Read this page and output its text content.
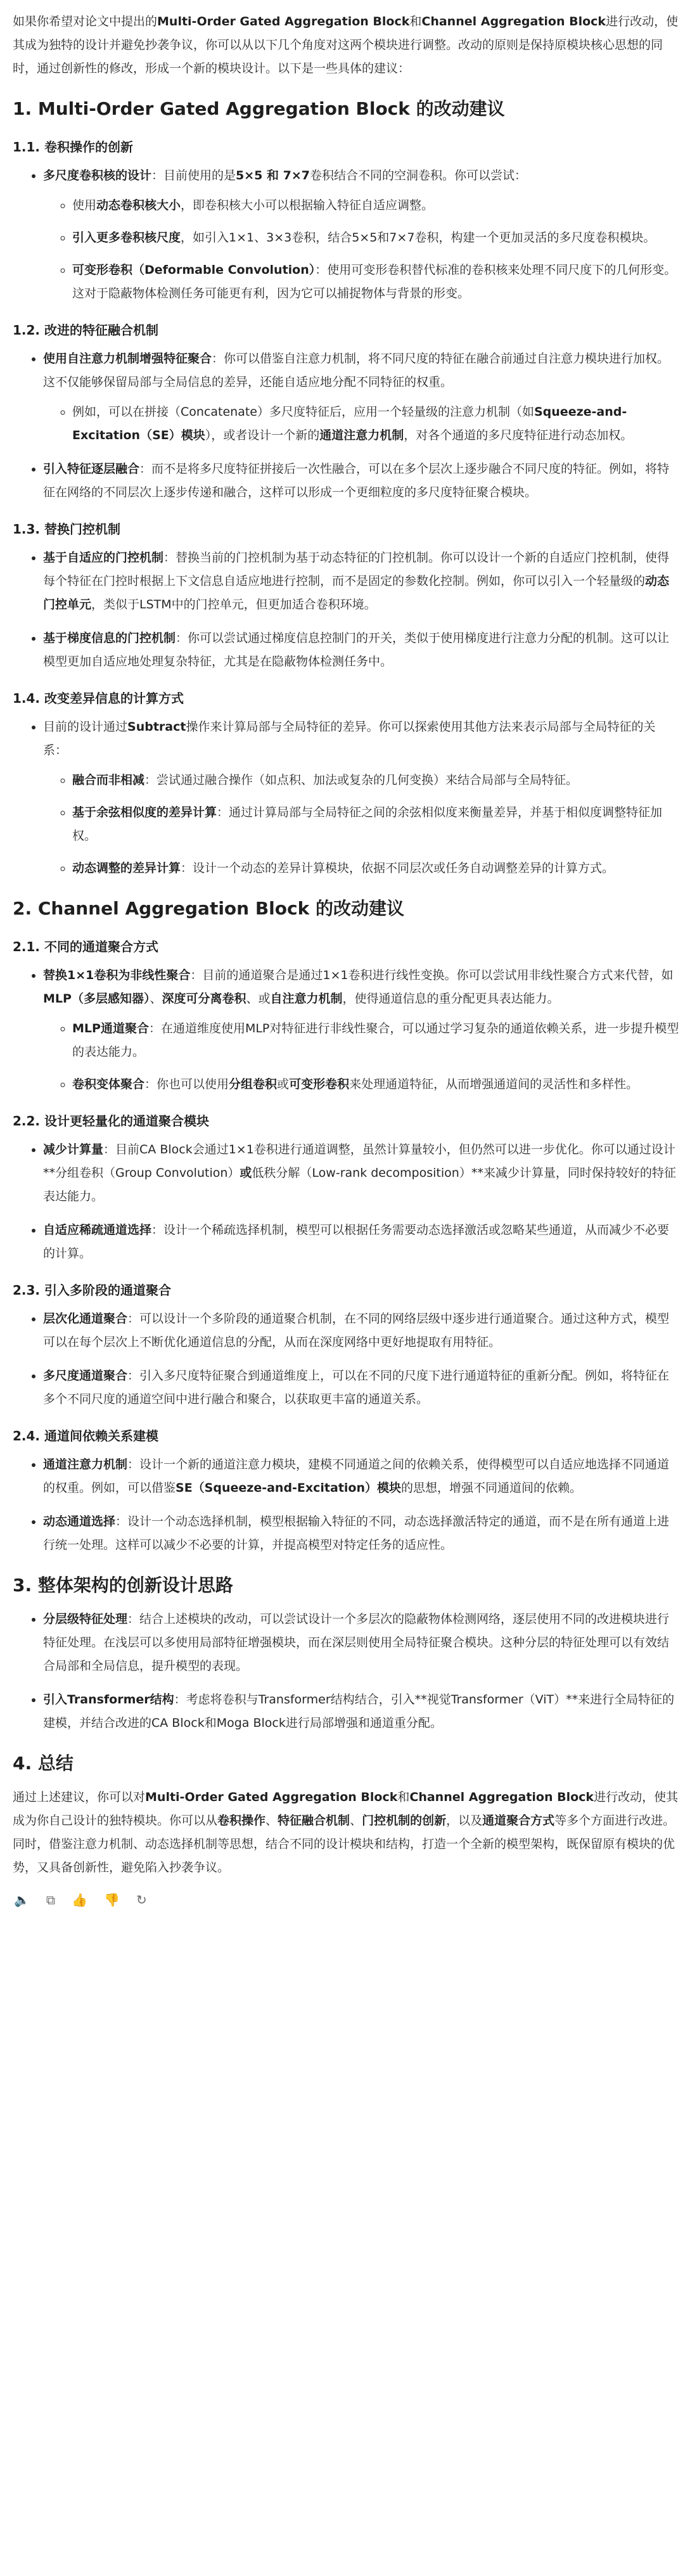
如果你希望对论文中提出的Multi-Order Gated Aggregation Block和Channel Aggregation Block进行改动，使其成为独特的设计并避免抄袭争议，你可以从以下几个角度对这两个模块进行调整。改动的原则是保持原模块核心思想的同时，通过创新性的修改，形成一个新的模块设计。以下是一些具体的建议：

1. Multi-Order Gated Aggregation Block 的改动建议
1.1. 卷积操作的创新
• 多尺度卷积核的设计：目前使用的是5×5 和 7×7卷积结合不同的空洞卷积。你可以尝试：
◦ 使用动态卷积核大小，即卷积核大小可以根据输入特征自适应调整。
◦ 引入更多卷积核尺度，如引入1×1、3×3卷积，结合5×5和7×7卷积，构建一个更加灵活的多尺度卷积模块。
◦ 可变形卷积（Deformable Convolution）：使用可变形卷积替代标准的卷积核来处理不同尺度下的几何形变。这对于隐蔽物体检测任务可能更有利，因为它可以捕捉物体与背景的形变。
1.2. 改进的特征融合机制
• 使用自注意力机制增强特征聚合：你可以借鉴自注意力机制，将不同尺度的特征在融合前通过自注意力模块进行加权。这不仅能够保留局部与全局信息的差异，还能自适应地分配不同特征的权重。
◦ 例如，可以在拼接（Concatenate）多尺度特征后，应用一个轻量级的注意力机制（如Squeeze-and-Excitation（SE）模块），或者设计一个新的通道注意力机制，对各个通道的多尺度特征进行动态加权。
• 引入特征逐层融合：而不是将多尺度特征拼接后一次性融合，可以在多个层次上逐步融合不同尺度的特征。例如，将特征在网络的不同层次上逐步传递和融合，这样可以形成一个更细粒度的多尺度特征聚合模块。
1.3. 替换门控机制
• 基于自适应的门控机制：替换当前的门控机制为基于动态特征的门控机制。你可以设计一个新的自适应门控机制，使得每个特征在门控时根据上下文信息自适应地进行控制，而不是固定的参数化控制。例如，你可以引入一个轻量级的动态门控单元，类似于LSTM中的门控单元，但更加适合卷积环境。
• 基于梯度信息的门控机制：你可以尝试通过梯度信息控制门的开关，类似于使用梯度进行注意力分配的机制。这可以让模型更加自适应地处理复杂特征，尤其是在隐蔽物体检测任务中。
1.4. 改变差异信息的计算方式
• 目前的设计通过Subtract操作来计算局部与全局特征的差异。你可以探索使用其他方法来表示局部与全局特征的关系：
◦ 融合而非相减：尝试通过融合操作（如点积、加法或复杂的几何变换）来结合局部与全局特征。
◦ 基于余弦相似度的差异计算：通过计算局部与全局特征之间的余弦相似度来衡量差异，并基于相似度调整特征加权。
◦ 动态调整的差异计算：设计一个动态的差异计算模块，依据不同层次或任务自动调整差异的计算方式。
2. Channel Aggregation Block 的改动建议
2.1. 不同的通道聚合方式
• 替换1×1卷积为非线性聚合：目前的通道聚合是通过1×1卷积进行线性变换。你可以尝试用非线性聚合方式来代替，如MLP（多层感知器）、深度可分离卷积、或自注意力机制，使得通道信息的重分配更具表达能力。
◦ MLP通道聚合：在通道维度使用MLP对特征进行非线性聚合，可以通过学习复杂的通道依赖关系，进一步提升模型的表达能力。
◦ 卷积变体聚合：你也可以使用分组卷积或可变形卷积来处理通道特征，从而增强通道间的灵活性和多样性。
2.2. 设计更轻量化的通道聚合模块
• 减少计算量：目前CA Block会通过1×1卷积进行通道调整，虽然计算量较小，但仍然可以进一步优化。你可以通过设计**分组卷积（Group Convolution）或低秩分解（Low-rank decomposition）**来减少计算量，同时保持较好的特征表达能力。
• 自适应稀疏通道选择：设计一个稀疏选择机制，模型可以根据任务需要动态选择激活或忽略某些通道，从而减少不必要的计算。
2.3. 引入多阶段的通道聚合
• 层次化通道聚合：可以设计一个多阶段的通道聚合机制，在不同的网络层级中逐步进行通道聚合。通过这种方式，模型可以在每个层次上不断优化通道信息的分配，从而在深度网络中更好地提取有用特征。
• 多尺度通道聚合：引入多尺度特征聚合到通道维度上，可以在不同的尺度下进行通道特征的重新分配。例如，将特征在多个不同尺度的通道空间中进行融合和聚合，以获取更丰富的通道关系。
2.4. 通道间依赖关系建模
• 通道注意力机制：设计一个新的通道注意力模块，建模不同通道之间的依赖关系，使得模型可以自适应地选择不同通道的权重。例如，可以借鉴SE（Squeeze-and-Excitation）模块的思想，增强不同通道间的依赖。
• 动态通道选择：设计一个动态选择机制，模型根据输入特征的不同，动态选择激活特定的通道，而不是在所有通道上进行统一处理。这样可以减少不必要的计算，并提高模型对特定任务的适应性。
3. 整体架构的创新设计思路
• 分层级特征处理：结合上述模块的改动，可以尝试设计一个多层次的隐蔽物体检测网络，逐层使用不同的改进模块进行特征处理。在浅层可以多使用局部特征增强模块，而在深层则使用全局特征聚合模块。这种分层的特征处理可以有效结合局部和全局信息，提升模型的表现。
• 引入Transformer结构：考虑将卷积与Transformer结构结合，引入**视觉Transformer（ViT）**来进行全局特征的建模，并结合改进的CA Block和Moga Block进行局部增强和通道重分配。
4. 总结

通过上述建议，你可以对Multi-Order Gated Aggregation Block和Channel Aggregation Block进行改动，使其成为你自己设计的独特模块。你可以从卷积操作、特征融合机制、门控机制的创新，以及通道聚合方式等多个方面进行改进。同时，借鉴注意力机制、动态选择机制等思想，结合不同的设计模块和结构，打造一个全新的模型架构，既保留原有模块的优势，又具备创新性，避免陷入抄袭争议。

🔈 ⧉ 👍 👎 ↻
